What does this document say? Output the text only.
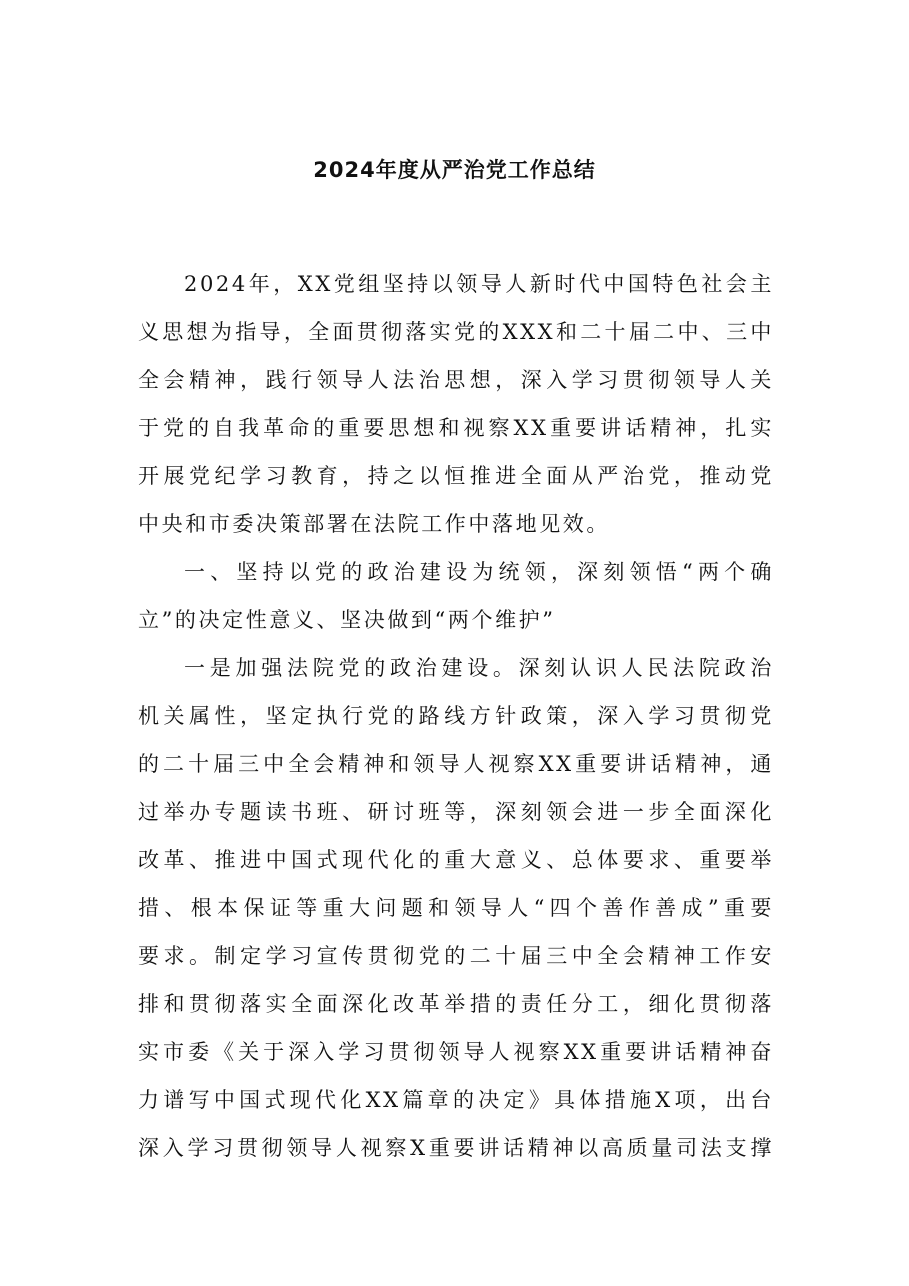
2024年度从严治党工作总结
2024年，XX党组坚持以领导人新时代中国特色社会主
义思想为指导，全面贯彻落实党的XXX和二十届二中、三中
全会精神，践行领导人法治思想，深入学习贯彻领导人关
于党的自我革命的重要思想和视察XX重要讲话精神，扎实
开展党纪学习教育，持之以恒推进全面从严治党，推动党
中央和市委决策部署在法院工作中落地见效。
一、坚持以党的政治建设为统领，深刻领悟“两个确
立”的决定性意义、坚决做到“两个维护”
一是加强法院党的政治建设。深刻认识人民法院政治
机关属性，坚定执行党的路线方针政策，深入学习贯彻党
的二十届三中全会精神和领导人视察XX重要讲话精神，通
过举办专题读书班、研讨班等，深刻领会进一步全面深化
改革、推进中国式现代化的重大意义、总体要求、重要举
措、根本保证等重大问题和领导人“四个善作善成”重要
要求。制定学习宣传贯彻党的二十届三中全会精神工作安
排和贯彻落实全面深化改革举措的责任分工，细化贯彻落
实市委《关于深入学习贯彻领导人视察XX重要讲话精神奋
力谱写中国式现代化XX篇章的决定》具体措施X项，出台
深入学习贯彻领导人视察X重要讲话精神以高质量司法支撑
